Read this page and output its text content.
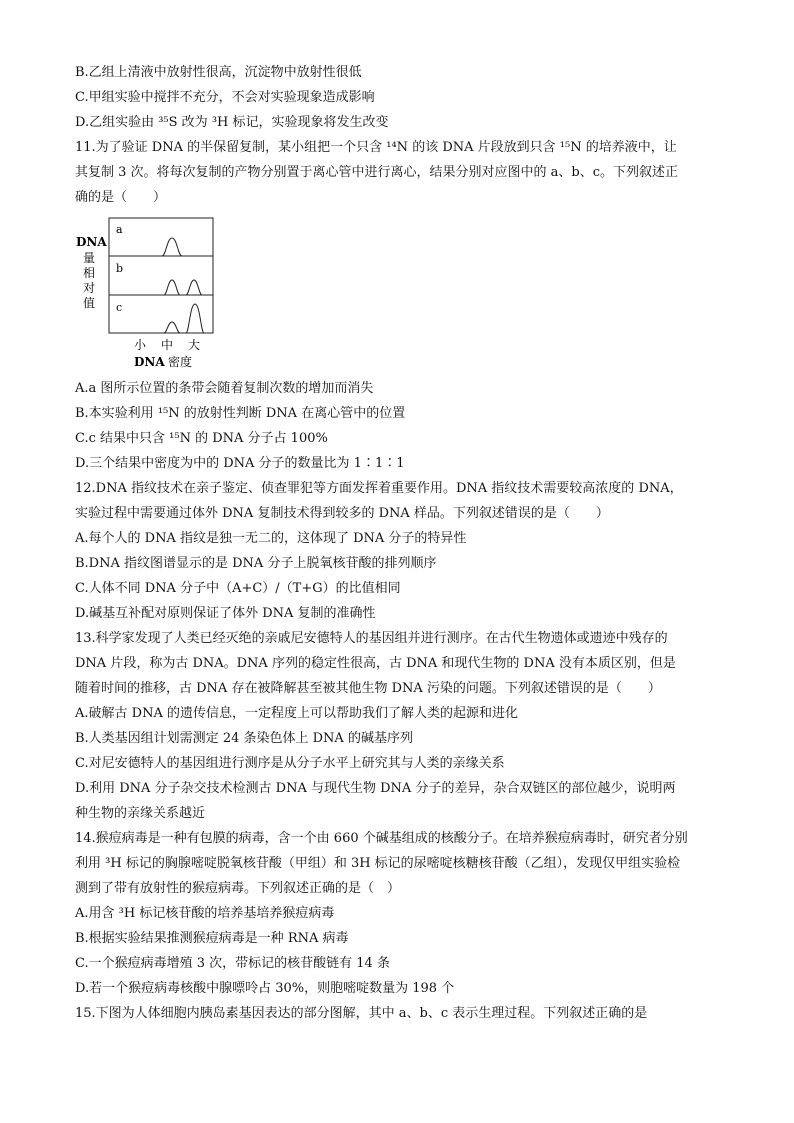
B.乙组上清液中放射性很高，沉淀物中放射性很低
C.甲组实验中搅拌不充分，不会对实验现象造成影响
D.乙组实验由 ³⁵S 改为 ³H 标记，实验现象将发生改变
11.为了验证 DNA 的半保留复制，某小组把一个只含 ¹⁴N 的该 DNA 片段放到只含 ¹⁵N 的培养液中，让
其复制 3 次。将每次复制的产物分别置于离心管中进行离心，结果分别对应图中的 a、b、c。下列叙述正
确的是（　　）
DNA
量
相
对
值
a
b
c
小 中 大
DNA 密度
A.a 图所示位置的条带会随着复制次数的增加而消失
B.本实验利用 ¹⁵N 的放射性判断 DNA 在离心管中的位置
C.c 结果中只含 ¹⁵N 的 DNA 分子占 100%
D.三个结果中密度为中的 DNA 分子的数量比为 1∶1∶1
12.DNA 指纹技术在亲子鉴定、侦查罪犯等方面发挥着重要作用。DNA 指纹技术需要较高浓度的 DNA，
实验过程中需要通过体外 DNA 复制技术得到较多的 DNA 样品。下列叙述错误的是（　　）
A.每个人的 DNA 指纹是独一无二的，这体现了 DNA 分子的特异性
B.DNA 指纹图谱显示的是 DNA 分子上脱氧核苷酸的排列顺序
C.人体不同 DNA 分子中（A+C）/（T+G）的比值相同
D.碱基互补配对原则保证了体外 DNA 复制的准确性
13.科学家发现了人类已经灭绝的亲戚尼安德特人的基因组并进行测序。在古代生物遗体或遗迹中残存的
DNA 片段，称为古 DNA。DNA 序列的稳定性很高，古 DNA 和现代生物的 DNA 没有本质区别，但是
随着时间的推移，古 DNA 存在被降解甚至被其他生物 DNA 污染的问题。下列叙述错误的是（　　）
A.破解古 DNA 的遗传信息，一定程度上可以帮助我们了解人类的起源和进化
B.人类基因组计划需测定 24 条染色体上 DNA 的碱基序列
C.对尼安德特人的基因组进行测序是从分子水平上研究其与人类的亲缘关系
D.利用 DNA 分子杂交技术检测古 DNA 与现代生物 DNA 分子的差异，杂合双链区的部位越少，说明两
种生物的亲缘关系越近
14.猴痘病毒是一种有包膜的病毒，含一个由 660 个碱基组成的核酸分子。在培养猴痘病毒时，研究者分别
利用 ³H 标记的胸腺嘧啶脱氧核苷酸（甲组）和 3H 标记的尿嘧啶核糖核苷酸（乙组），发现仅甲组实验检
测到了带有放射性的猴痘病毒。下列叙述正确的是（　）
A.用含 ³H 标记核苷酸的培养基培养猴痘病毒
B.根据实验结果推测猴痘病毒是一种 RNA 病毒
C.一个猴痘病毒增殖 3 次，带标记的核苷酸链有 14 条
D.若一个猴痘病毒核酸中腺嘌呤占 30%，则胞嘧啶数量为 198 个
15.下图为人体细胞内胰岛素基因表达的部分图解，其中 a、b、c 表示生理过程。下列叙述正确的是
